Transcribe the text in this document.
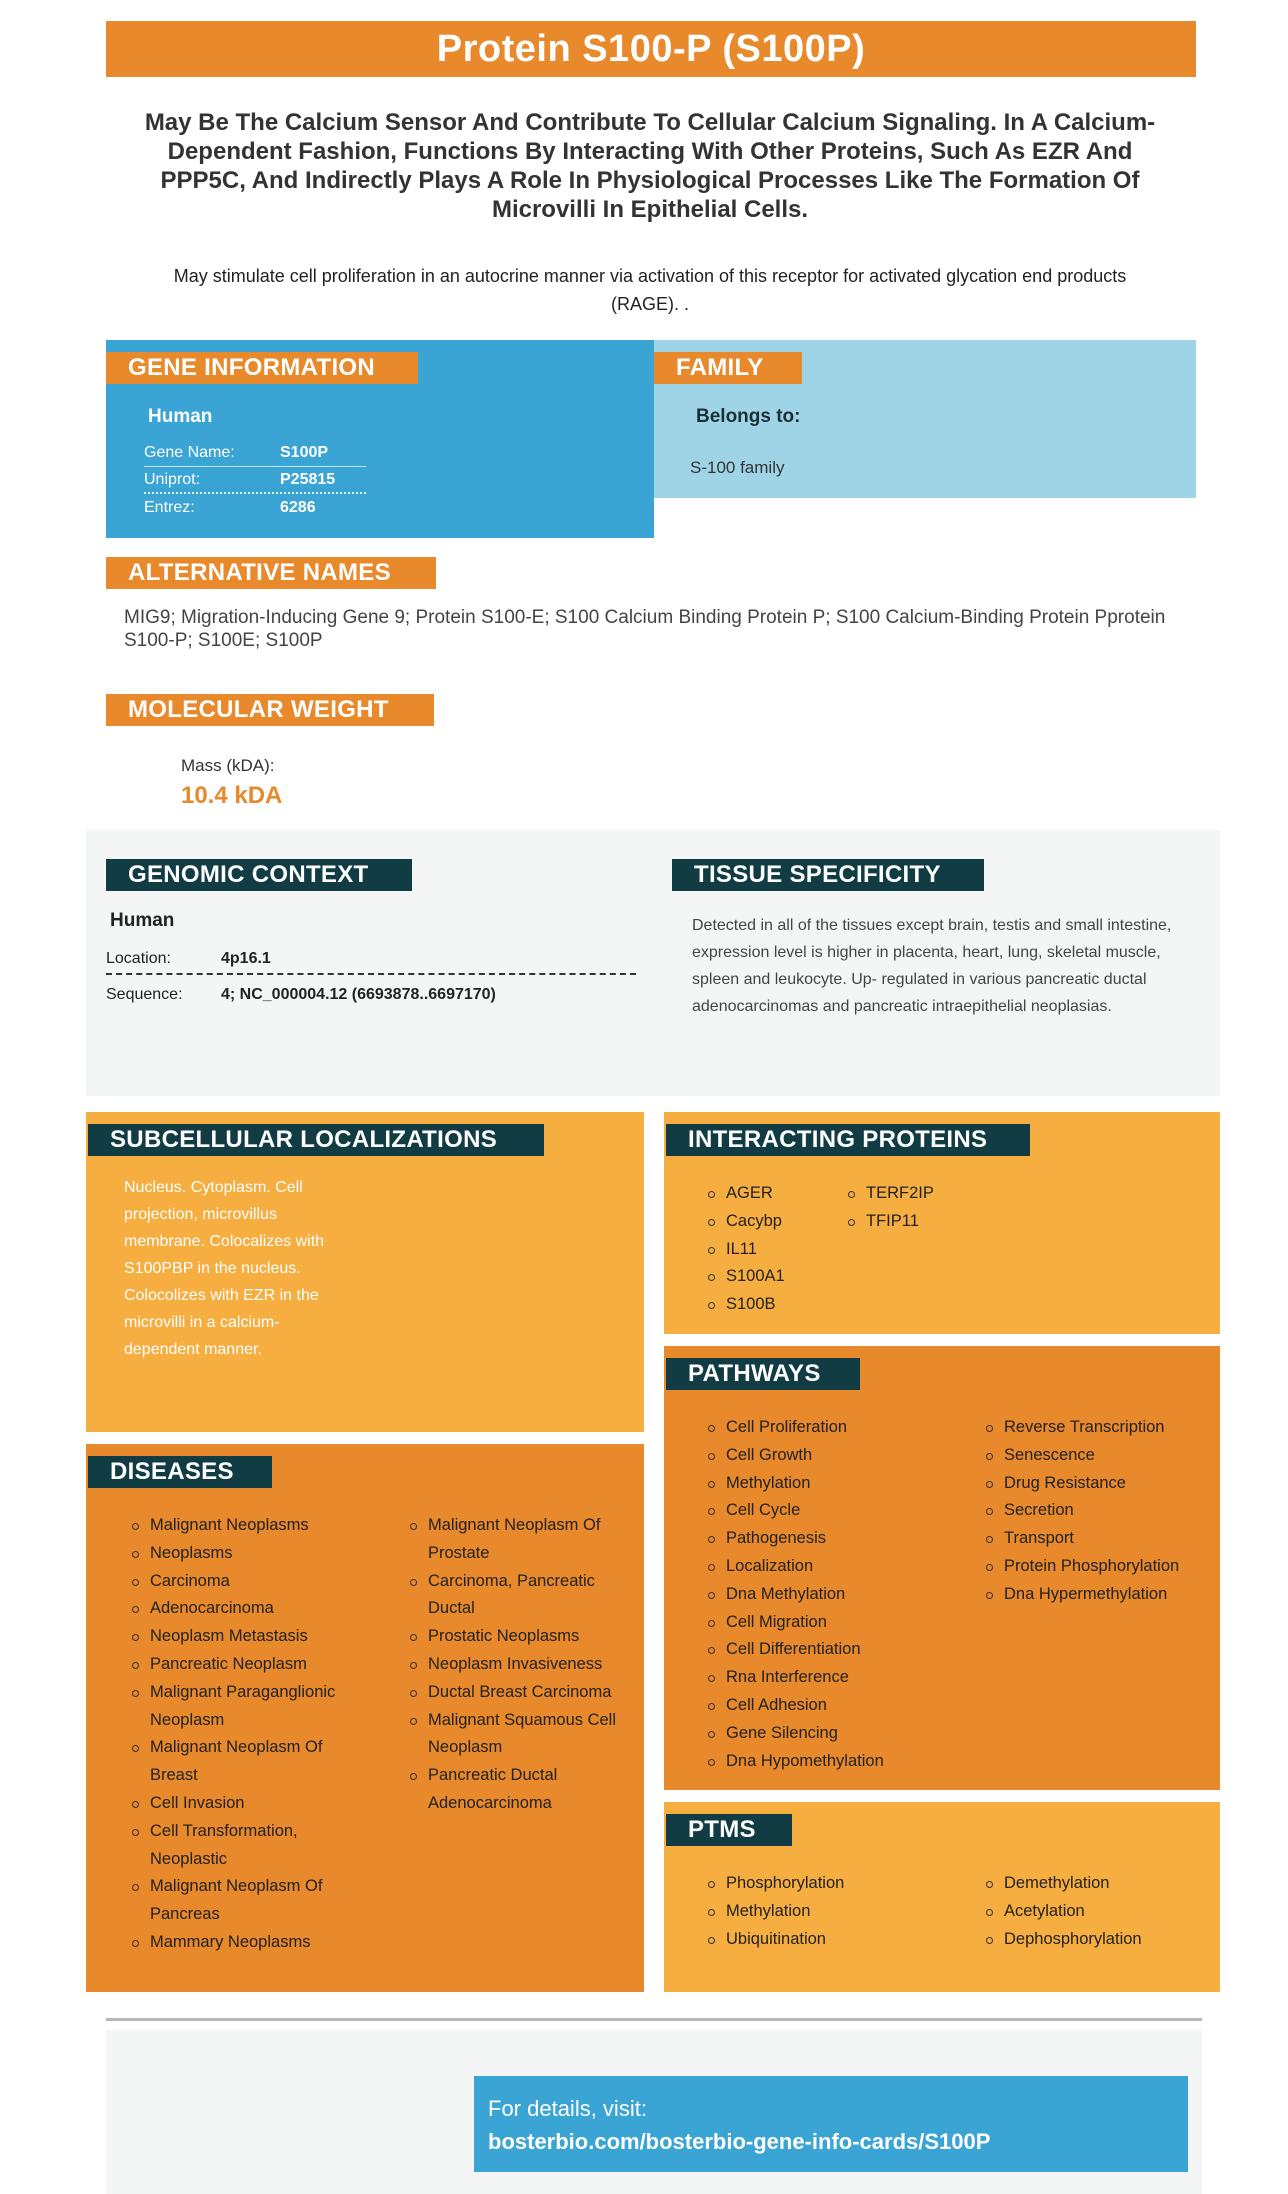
Protein S100-P (S100P)
May Be The Calcium Sensor And Contribute To Cellular Calcium Signaling. In A Calcium-Dependent Fashion, Functions By Interacting With Other Proteins, Such As EZR And PPP5C, And Indirectly Plays A Role In Physiological Processes Like The Formation Of Microvilli In Epithelial Cells.
May stimulate cell proliferation in an autocrine manner via activation of this receptor for activated glycation end products (RAGE). .
Human
Gene Name:	S100P
Uniprot:	P25815
Entrez:	6286
GENE INFORMATION
Belongs to:
S-100 family
FAMILY
ALTERNATIVE NAMES
MIG9; Migration-Inducing Gene 9; Protein S100-E; S100 Calcium Binding Protein P; S100 Calcium-Binding Protein Pprotein S100-P; S100E; S100P
MOLECULAR WEIGHT
Mass (kDA):
10.4 kDA
GENOMIC CONTEXT
Human
Location:	4p16.1
Sequence:	4; NC_000004.12 (6693878..6697170)
TISSUE SPECIFICITY
Detected in all of the tissues except brain, testis and small intestine, expression level is higher in placenta, heart, lung, skeletal muscle, spleen and leukocyte. Up- regulated in various pancreatic ductal adenocarcinomas and pancreatic intraepithelial neoplasias.
SUBCELLULAR LOCALIZATIONS
Nucleus. Cytoplasm. Cell projection, microvillus membrane. Colocalizes with S100PBP in the nucleus. Colocolizes with EZR in the microvilli in a calcium-dependent manner.
INTERACTING PROTEINS
AGER
Cacybp
IL11
S100A1
S100B
TERF2IP
TFIP11
PATHWAYS
Cell Proliferation
Cell Growth
Methylation
Cell Cycle
Pathogenesis
Localization
Dna Methylation
Cell Migration
Cell Differentiation
Rna Interference
Cell Adhesion
Gene Silencing
Dna Hypomethylation
Reverse Transcription
Senescence
Drug Resistance
Secretion
Transport
Protein Phosphorylation
Dna Hypermethylation
DISEASES
Malignant Neoplasms
Neoplasms
Carcinoma
Adenocarcinoma
Neoplasm Metastasis
Pancreatic Neoplasm
Malignant Paraganglionic Neoplasm
Malignant Neoplasm Of Breast
Cell Invasion
Cell Transformation, Neoplastic
Malignant Neoplasm Of Pancreas
Mammary Neoplasms
Malignant Neoplasm Of Prostate
Carcinoma, Pancreatic Ductal
Prostatic Neoplasms
Neoplasm Invasiveness
Ductal Breast Carcinoma
Malignant Squamous Cell Neoplasm
Pancreatic Ductal Adenocarcinoma
PTMS
Phosphorylation
Methylation
Ubiquitination
Demethylation
Acetylation
Dephosphorylation
For details, visit:
bosterbio.com/bosterbio-gene-info-cards/S100P
